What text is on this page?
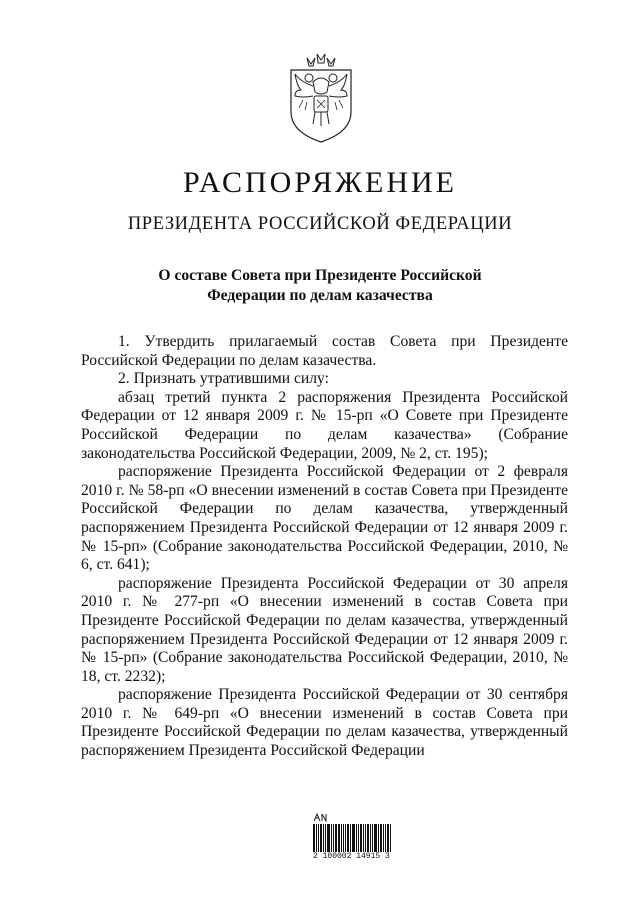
РАСПОРЯЖЕНИЕ
ПРЕЗИДЕНТА РОССИЙСКОЙ ФЕДЕРАЦИИ
О составе Совета при Президенте Российской
Федерации по делам казачества

1. Утвердить прилагаемый состав Совета при Президенте Российской Федерации по делам казачества.

2. Признать утратившими силу:

абзац третий пункта 2 распоряжения Президента Российской Федерации от 12 января 2009 г. № 15-рп «О Совете при Президенте Российской Федерации по делам казачества» (Собрание законодательства Российской Федерации, 2009, № 2, ст. 195);

распоряжение Президента Российской Федерации от 2 февраля 2010 г. № 58-рп «О внесении изменений в состав Совета при Президенте Российской Федерации по делам казачества, утвержденный распоряжением Президента Российской Федерации от 12 января 2009 г. № 15-рп» (Собрание законодательства Российской Федерации, 2010, № 6, ст. 641);

распоряжение Президента Российской Федерации от 30 апреля 2010 г. № 277-рп «О внесении изменений в состав Совета при Президенте Российской Федерации по делам казачества, утвержденный распоряжением Президента Российской Федерации от 12 января 2009 г. № 15-рп» (Собрание законодательства Российской Федерации, 2010, № 18, ст. 2232);

распоряжение Президента Российской Федерации от 30 сентября 2010 г. № 649-рп «О внесении изменений в состав Совета при Президенте Российской Федерации по делам казачества, утвержденный распоряжением Президента Российской Федерации

2 100002 14915 3
